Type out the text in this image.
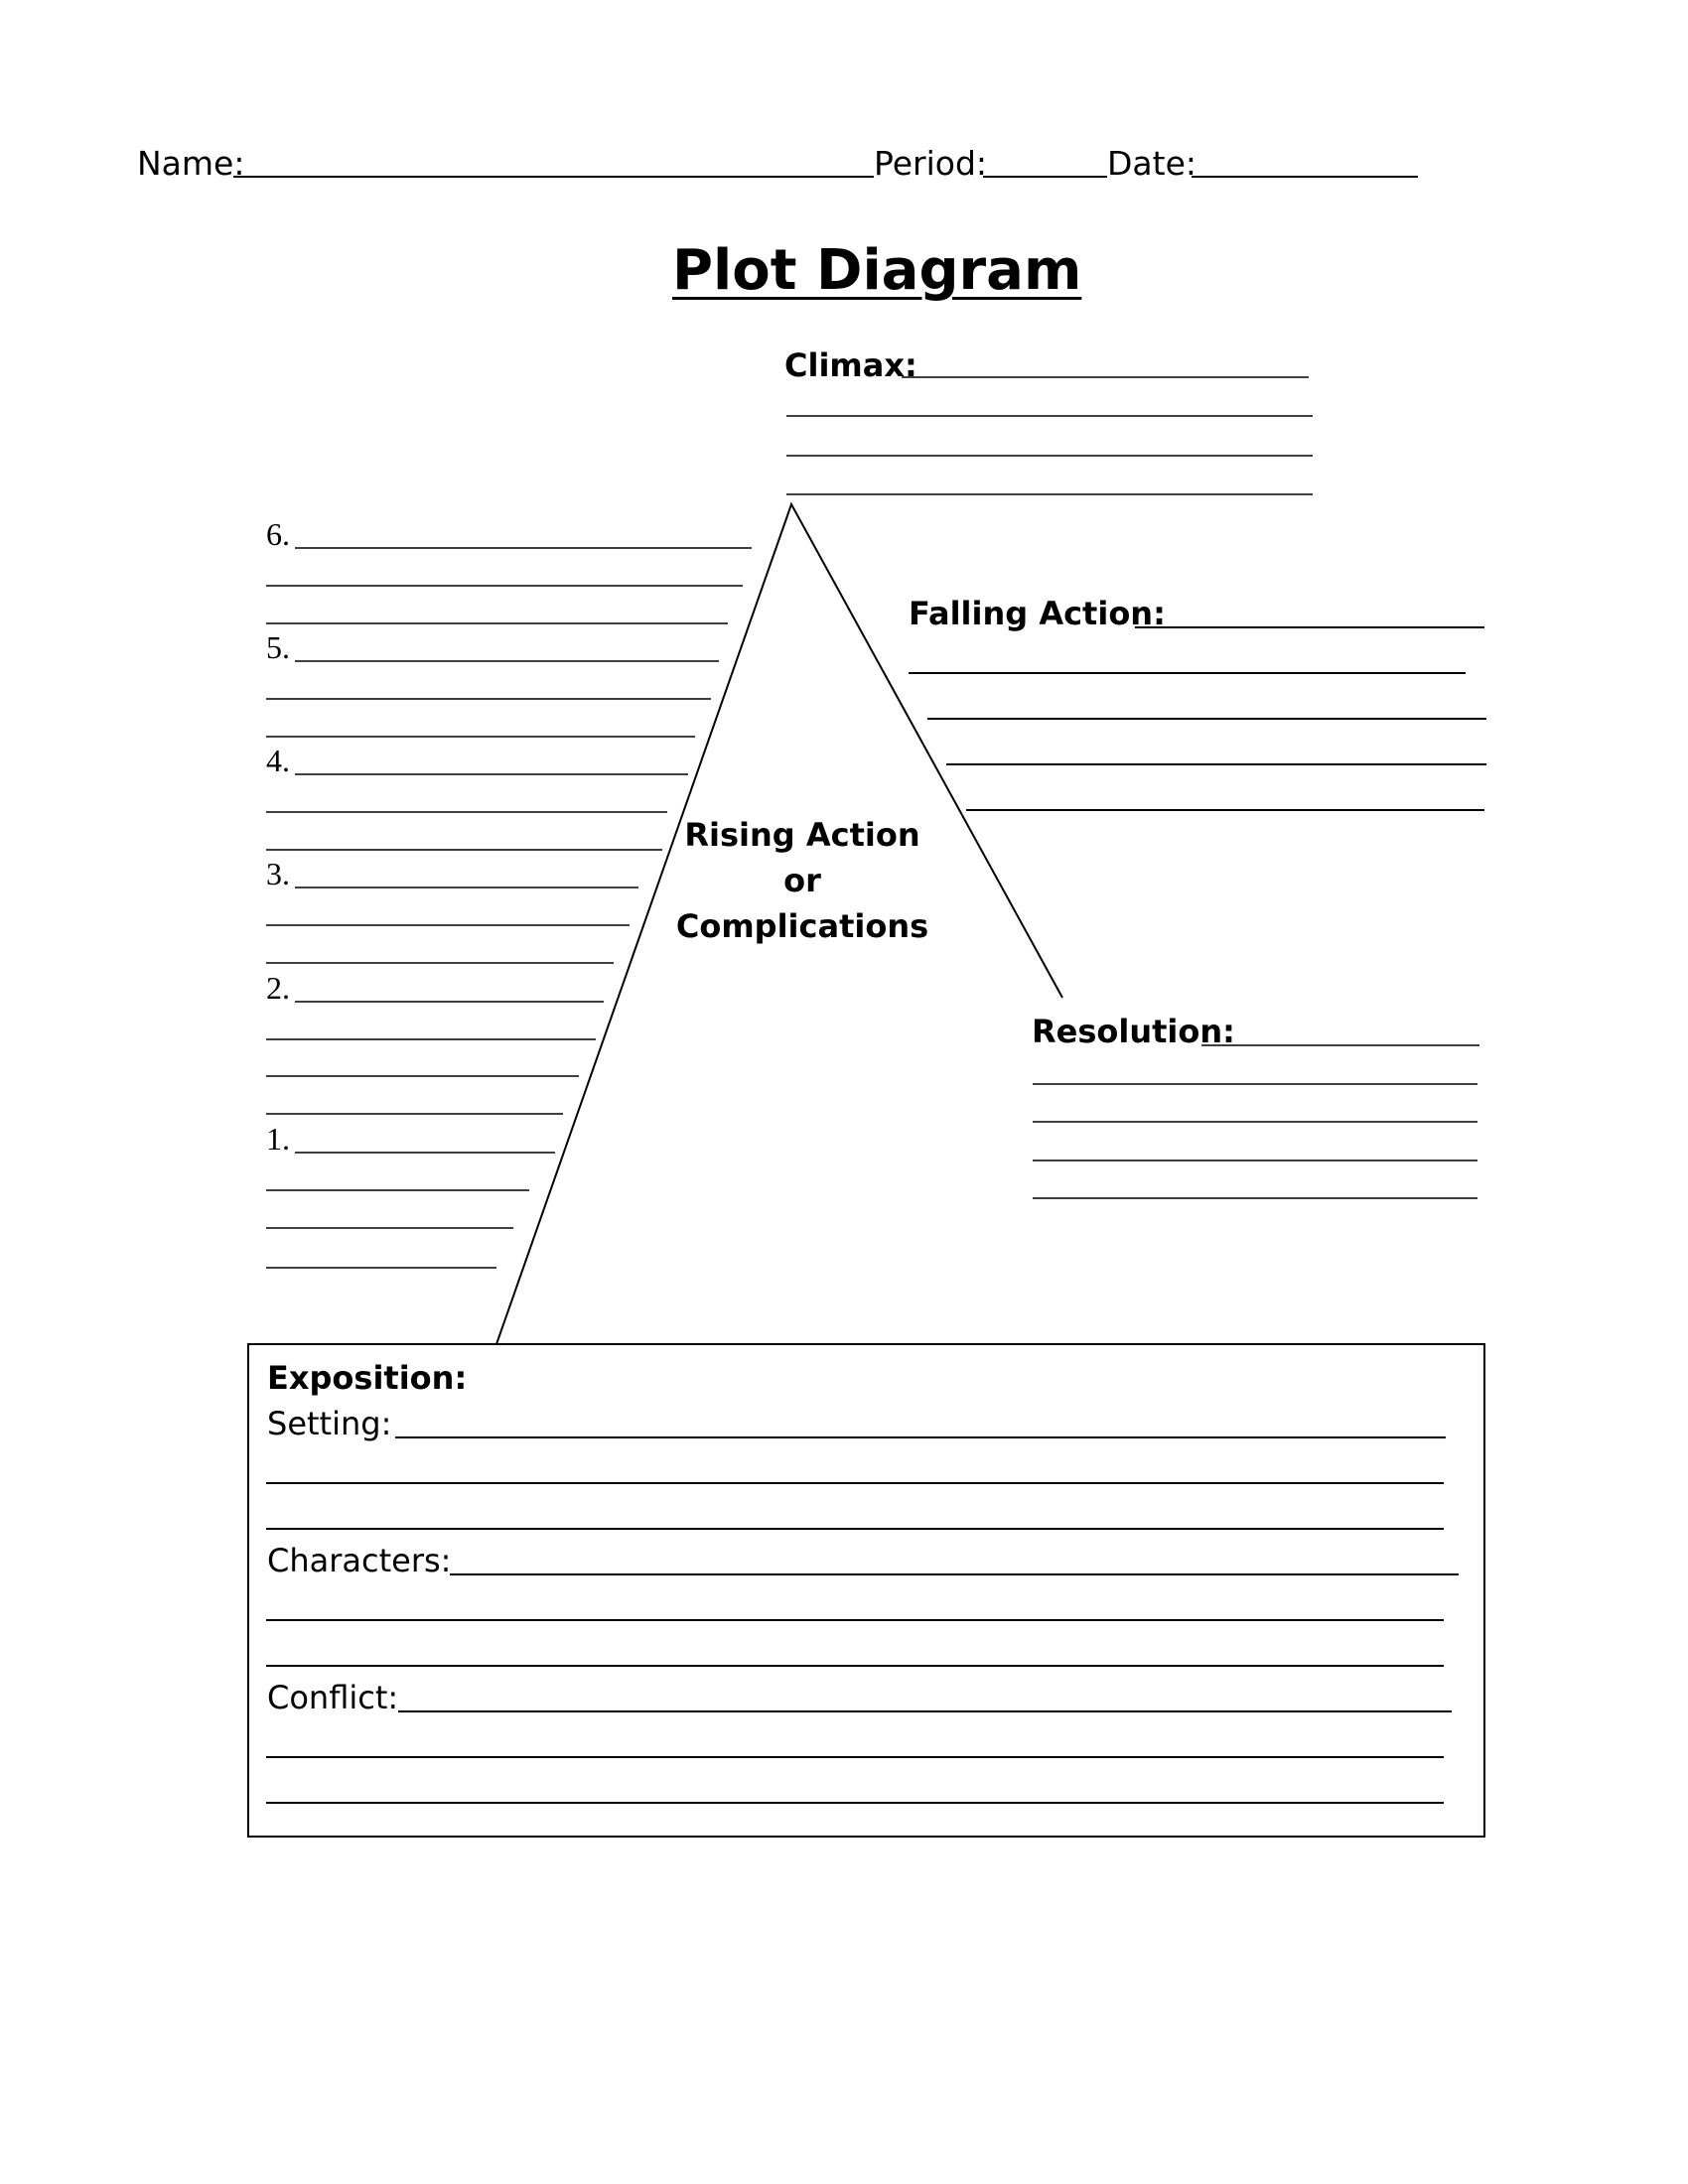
Name:	Period:	Date:
Plot Diagram
Climax:
Falling Action:
6.
5.
4.
3.
2.
1.
Rising Action
or
Complications
Resolution:
Exposition:
Setting:
Characters:
Conflict:
